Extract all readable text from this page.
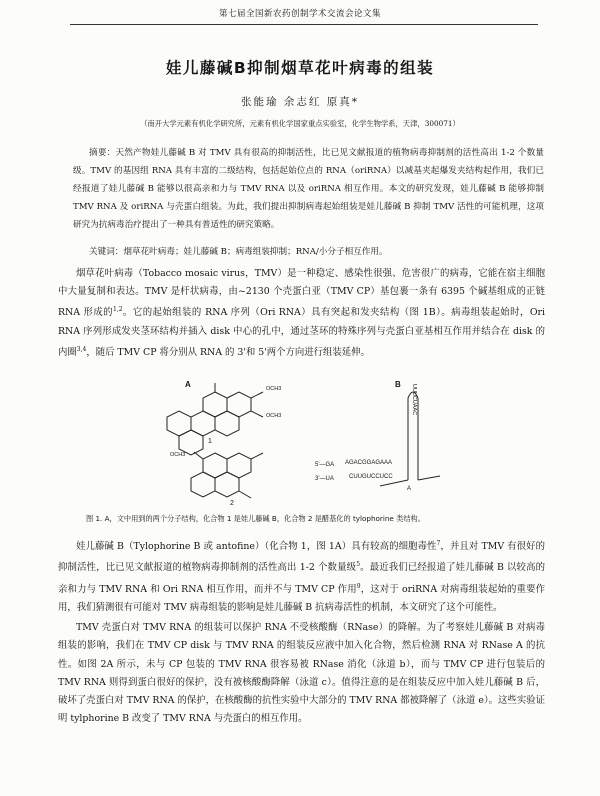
第七届全国新农药创制学术交流会论文集
娃儿藤碱B抑制烟草花叶病毒的组装
张能瑜 余志红 原真*
（南开大学元素有机化学研究所，元素有机化学国家重点实验室，化学生物学系，天津，300071）

摘要：天然产物娃儿藤碱 B 对 TMV 具有很高的抑制活性，比已见文献报道的植物病毒抑制剂的活性高出 1-2 个数量级。TMV 的基因组 RNA 具有丰富的二级结构，包括起始位点的 RNA（oriRNA）以减基夹起爆发夹结构起作用，我们已经报道了娃儿藤碱 B 能够以很高亲和力与 TMV RNA 以及 oriRNA 相互作用。本文的研究发现，娃儿藤碱 B 能够抑制 TMV RNA 及 oriRNA 与壳蛋白组装。为此，我们提出抑制病毒起始组装是娃儿藤碱 B 抑制 TMV 活性的可能机理，这项研究为抗病毒治疗提出了一种具有普适性的研究策略。

关键词：烟草花叶病毒；娃儿藤碱 B；病毒组装抑制；RNA/小分子相互作用。

烟草花叶病毒（Tobacco mosaic virus，TMV）是一种稳定、感染性很强、危害很广的病毒，它能在宿主细胞中大量复制和表达。TMV 是杆状病毒，由~2130 个壳蛋白亚（TMV CP）基包裹一条有 6395 个碱基组成的正链 RNA 形成的$^{1,2}$。它的起始组装的 RNA 序列（Ori RNA）具有突起和发夹结构（图 1B）。病毒组装起始时，Ori RNA 序列形成发夹茎环结构并插入 disk 中心的孔中，通过茎环的特殊序列与壳蛋白亚基相互作用并结合在 disk 的内圈$^{3,4}$，随后 TMV CP 将分别从 RNA 的 3'和 5'两个方向进行组装延伸。

A	B
1
2
OCH3
OCH3
OCH3
UUUCUAAC
5'—GA
3'—UA
AGACGGAGAAA
CUUGUCCUCC
A
图 1. A，文中用到的两个分子结构，化合物 1 是娃儿藤碱 B，化合物 2 是醋基化的 tylophorine 类结构。

娃儿藤碱 B（Tylophorine B 或 antofine）（化合物 1，图 1A）具有较高的细胞毒性$^7$，并且对 TMV 有很好的抑制活性，比已见文献报道的植物病毒抑制剂的活性高出 1-2 个数量级$^5$。最近我们已经报道了娃儿藤碱 B 以较高的亲和力与 TMV RNA 和 Ori RNA 相互作用，而并不与 TMV CP 作用$^9$，这对于 oriRNA 对病毒组装起始的重要作用，我们猜测很有可能对 TMV 病毒组装的影响是娃儿藤碱 B 抗病毒活性的机制，本文研究了这个可能性。

TMV 壳蛋白对 TMV RNA 的组装可以保护 RNA 不受核酸酶（RNase）的降解。为了考察娃儿藤碱 B 对病毒组装的影响，我们在 TMV CP disk 与 TMV RNA 的组装反应液中加入化合物，然后检测 RNA 对 RNase A 的抗性。如图 2A 所示，未与 CP 包装的 TMV RNA 很容易被 RNase 消化（泳道 b），而与 TMV CP 进行包装后的 TMV RNA 则得到蛋白很好的保护，没有被核酸酶降解（泳道 c）。值得注意的是在组装反应中加入娃儿藤碱 B 后，破坏了壳蛋白对 TMV RNA 的保护，在核酸酶的抗性实验中大部分的 TMV RNA 都被降解了（泳道 e）。这些实验证明 tylphorine B 改变了 TMV RNA 与壳蛋白的相互作用。
